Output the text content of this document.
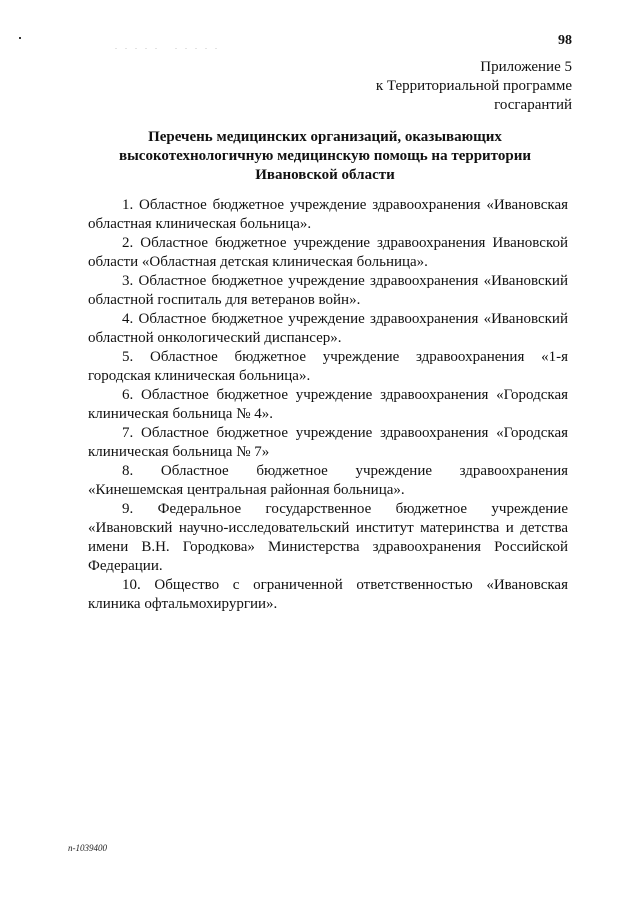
. . . . .   . . . . .	98
Приложение 5
к Территориальной программе
госгарантий
Перечень медицинских организаций, оказывающих
высокотехнологичную медицинскую помощь на территории
Ивановской области
1. Областное бюджетное учреждение здравоохранения «Ивановская
областная клиническая больница».
2. Областное бюджетное учреждение здравоохранения Ивановской
области «Областная детская клиническая больница».
3. Областное бюджетное учреждение здравоохранения «Ивановский
областной госпиталь для ветеранов войн».
4. Областное бюджетное учреждение здравоохранения «Ивановский
областной онкологический диспансер».
5. Областное бюджетное учреждение здравоохранения «1-я
городская клиническая больница».
6. Областное бюджетное учреждение здравоохранения «Городская
клиническая больница № 4».
7. Областное бюджетное учреждение здравоохранения «Городская
клиническая больница № 7»
8. Областное бюджетное учреждение здравоохранения
«Кинешемская центральная районная больница».
9. Федеральное государственное бюджетное учреждение
«Ивановский научно-исследовательский институт материнства и детства
имени В.Н. Городкова» Министерства здравоохранения Российской
Федерации.
10. Общество с ограниченной ответственностью «Ивановская
клиника офтальмохирургии».
п-1039400
